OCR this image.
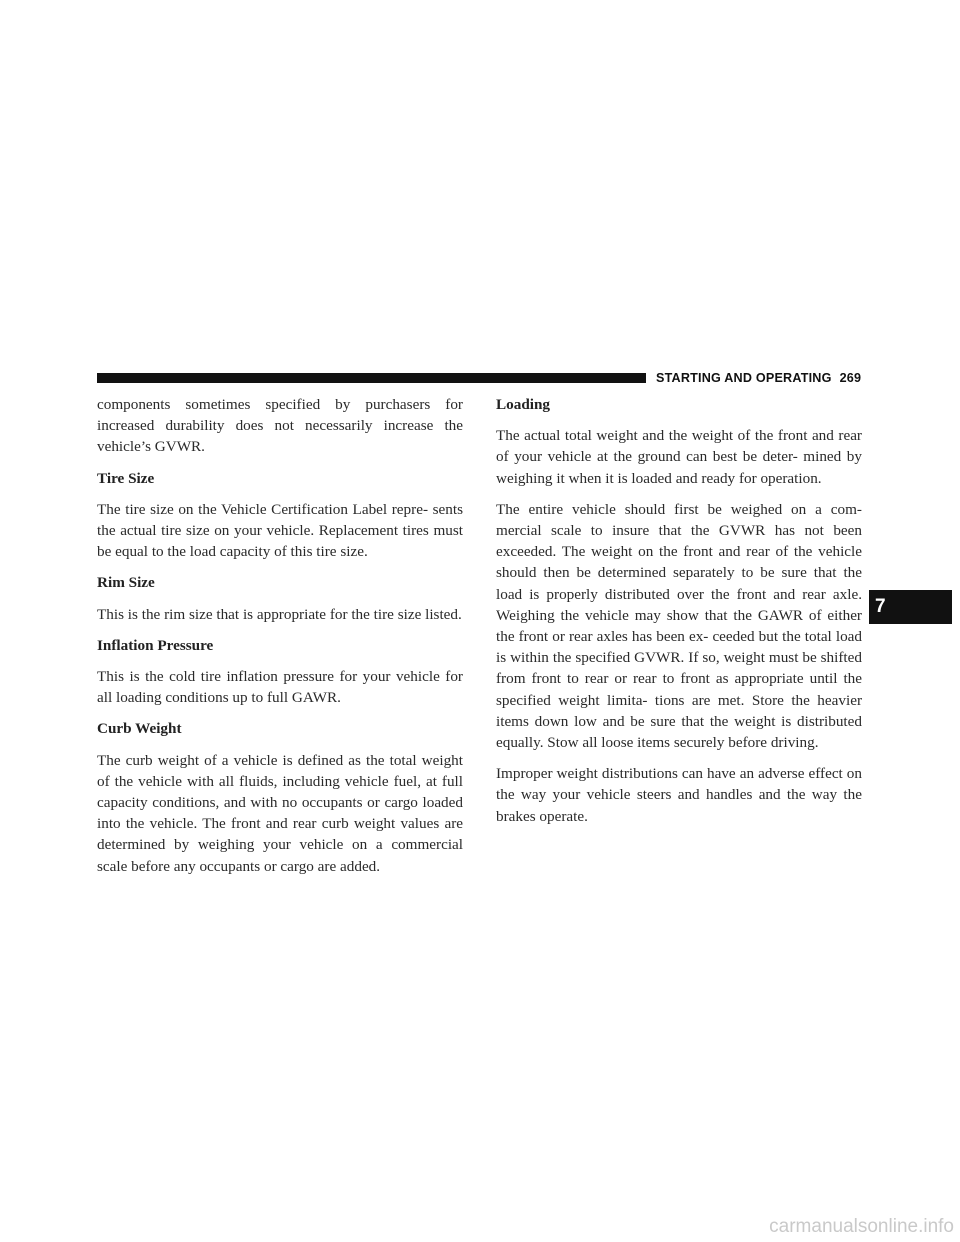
STARTING AND OPERATING 269

components sometimes specified by purchasers for increased durability does not necessarily increase the vehicle’s GVWR.

Tire Size

The tire size on the Vehicle Certification Label repre- sents the actual tire size on your vehicle. Replacement tires must be equal to the load capacity of this tire size.

Rim Size

This is the rim size that is appropriate for the tire size listed.

Inflation Pressure

This is the cold tire inflation pressure for your vehicle for all loading conditions up to full GAWR.

Curb Weight

The curb weight of a vehicle is defined as the total weight of the vehicle with all fluids, including vehicle fuel, at full capacity conditions, and with no occupants or cargo loaded into the vehicle. The front and rear curb weight values are determined by weighing your vehicle on a commercial scale before any occupants or cargo are added.

Loading

The actual total weight and the weight of the front and rear of your vehicle at the ground can best be deter- mined by weighing it when it is loaded and ready for operation.

The entire vehicle should first be weighed on a com- mercial scale to insure that the GVWR has not been exceeded. The weight on the front and rear of the vehicle should then be determined separately to be sure that the load is properly distributed over the front and rear axle. Weighing the vehicle may show that the GAWR of either the front or rear axles has been ex- ceeded but the total load is within the specified GVWR. If so, weight must be shifted from front to rear or rear to front as appropriate until the specified weight limita- tions are met. Store the heavier items down low and be sure that the weight is distributed equally. Stow all loose items securely before driving.

Improper weight distributions can have an adverse effect on the way your vehicle steers and handles and the way the brakes operate.

7
carmanualsonline.info
